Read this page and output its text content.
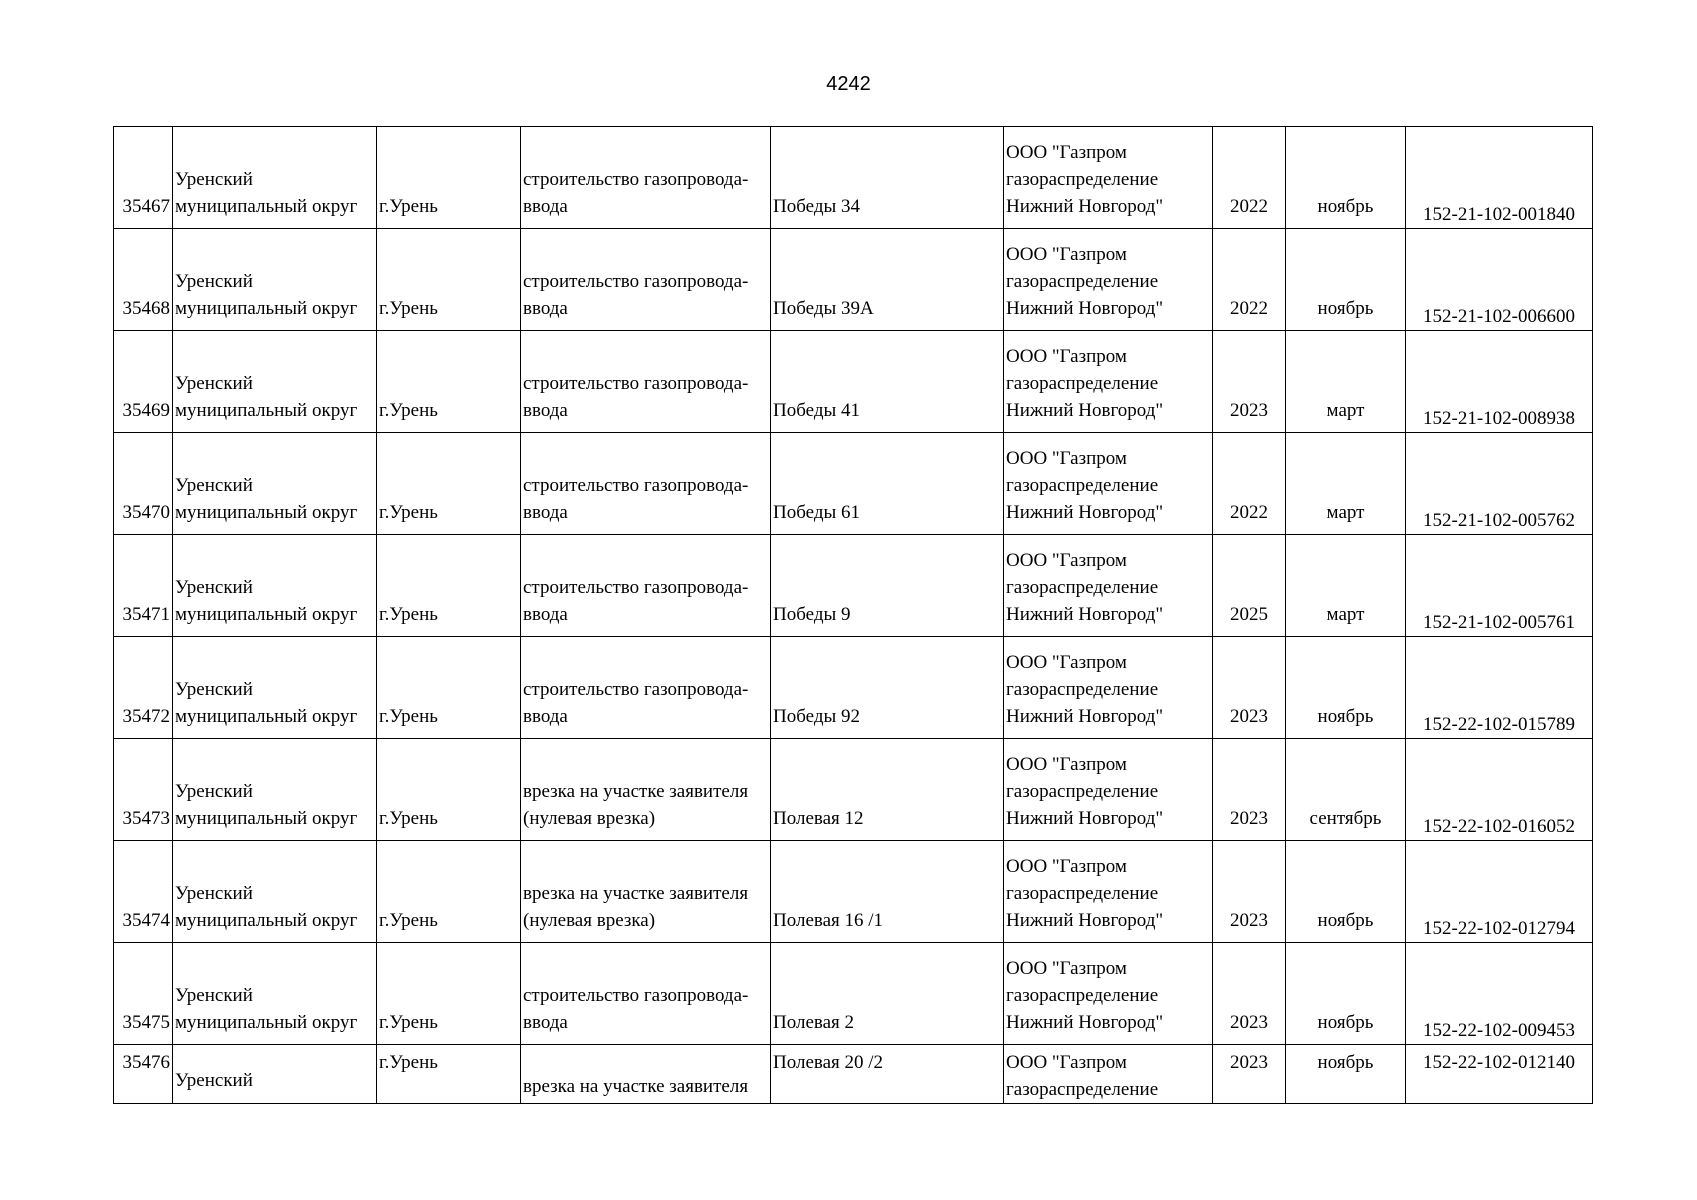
4242
35467	Уренский
муниципальный округ	г.Урень	строительство газопровода-
ввода	Победы 34	ООО "Газпром
газораспределение
Нижний Новгород"	2022	ноябрь	152-21-102-001840

35468	Уренский
муниципальный округ	г.Урень	строительство газопровода-
ввода	Победы 39А	ООО "Газпром
газораспределение
Нижний Новгород"	2022	ноябрь	152-21-102-006600

35469	Уренский
муниципальный округ	г.Урень	строительство газопровода-
ввода	Победы 41	ООО "Газпром
газораспределение
Нижний Новгород"	2023	март	152-21-102-008938

35470	Уренский
муниципальный округ	г.Урень	строительство газопровода-
ввода	Победы 61	ООО "Газпром
газораспределение
Нижний Новгород"	2022	март	152-21-102-005762

35471	Уренский
муниципальный округ	г.Урень	строительство газопровода-
ввода	Победы 9	ООО "Газпром
газораспределение
Нижний Новгород"	2025	март	152-21-102-005761

35472	Уренский
муниципальный округ	г.Урень	строительство газопровода-
ввода	Победы 92	ООО "Газпром
газораспределение
Нижний Новгород"	2023	ноябрь	152-22-102-015789

35473	Уренский
муниципальный округ	г.Урень	врезка на участке заявителя
(нулевая врезка)	Полевая 12	ООО "Газпром
газораспределение
Нижний Новгород"	2023	сентябрь	152-22-102-016052

35474	Уренский
муниципальный округ	г.Урень	врезка на участке заявителя
(нулевая врезка)	Полевая 16 /1	ООО "Газпром
газораспределение
Нижний Новгород"	2023	ноябрь	152-22-102-012794

35475	Уренский
муниципальный округ	г.Урень	строительство газопровода-
ввода	Полевая 2	ООО "Газпром
газораспределение
Нижний Новгород"	2023	ноябрь	152-22-102-009453

35476	Уренский	г.Урень	врезка на участке заявителя	Полевая 20 /2	ООО "Газпром
газораспределение	2023	ноябрь	152-22-102-012140
